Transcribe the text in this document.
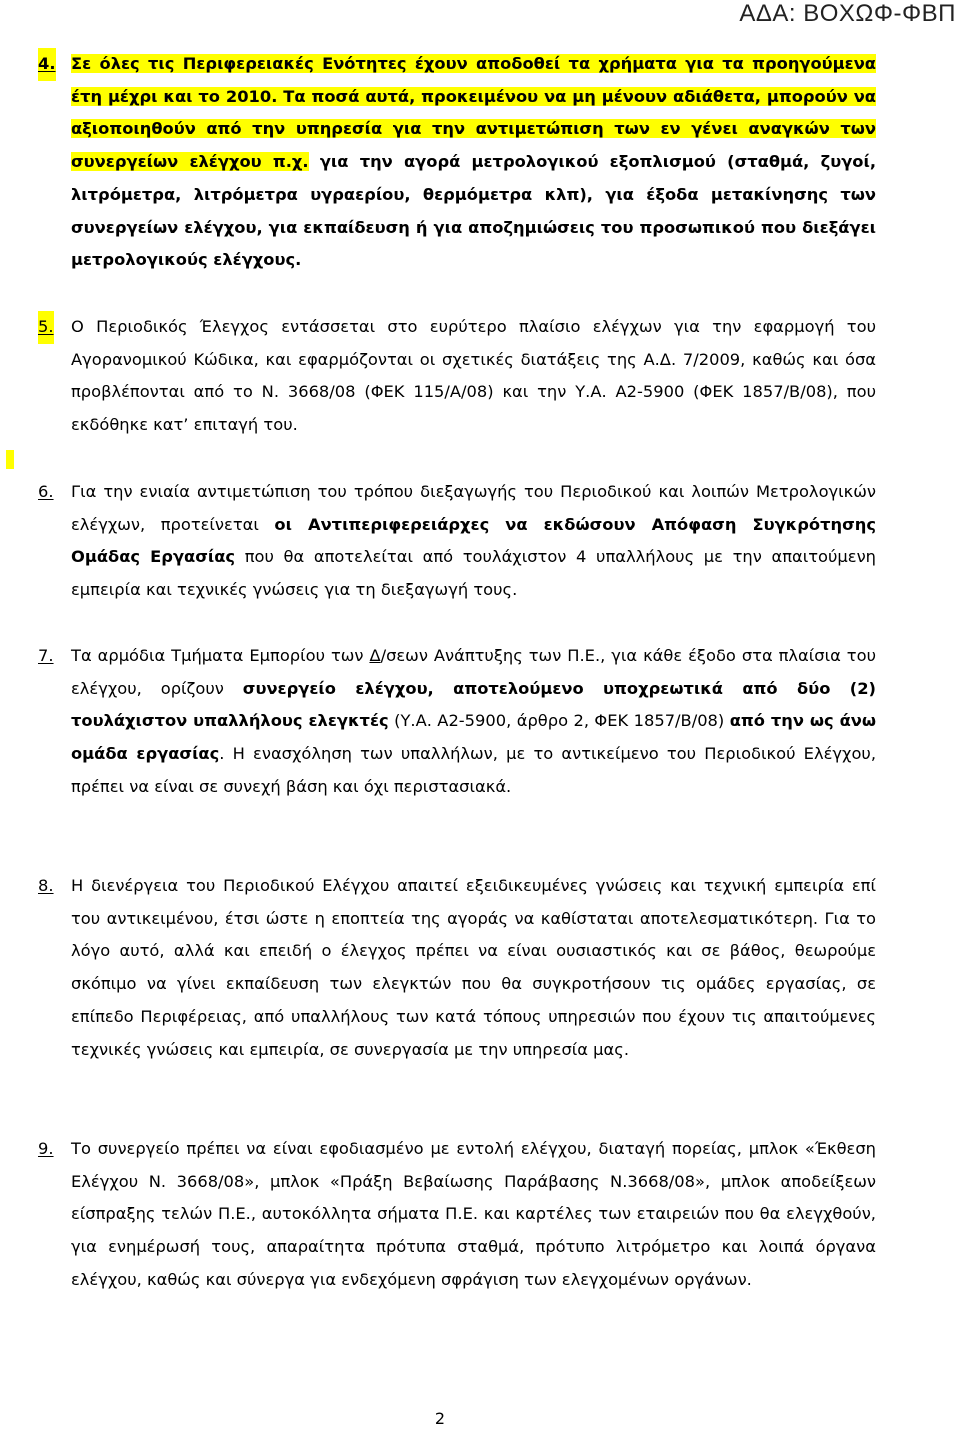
ΑΔΑ: ΒΟΧΩΦ-ΦΒΠ
4. Σε όλες τις Περιφερειακές Ενότητες έχουν αποδοθεί τα χρήματα για τα προηγούμενα έτη μέχρι και το 2010. Τα ποσά αυτά, προκειμένου να μη μένουν αδιάθετα, μπορούν να αξιοποιηθούν από την υπηρεσία για την αντιμετώπιση των εν γένει αναγκών των συνεργείων ελέγχου π.χ. για την αγορά μετρολογικού εξοπλισμού (σταθμά, ζυγοί, λιτρόμετρα, λιτρόμετρα υγραερίου, θερμόμετρα κλπ), για έξοδα μετακίνησης των συνεργείων ελέγχου, για εκπαίδευση ή για αποζημιώσεις του προσωπικού που διεξάγει μετρολογικούς ελέγχους.
5. Ο Περιοδικός Έλεγχος εντάσσεται στο ευρύτερο πλαίσιο ελέγχων για την εφαρμογή του Αγορανομικού Κώδικα, και εφαρμόζονται οι σχετικές διατάξεις της Α.Δ. 7/2009, καθώς και όσα προβλέπονται από το Ν. 3668/08 (ΦΕΚ 115/Α/08) και την Υ.Α. Α2-5900 (ΦΕΚ 1857/Β/08), που εκδόθηκε κατ’ επιταγή του.
6. Για την ενιαία αντιμετώπιση του τρόπου διεξαγωγής του Περιοδικού και λοιπών Μετρολογικών ελέγχων, προτείνεται οι Αντιπεριφερειάρχες να εκδώσουν Απόφαση Συγκρότησης Ομάδας Εργασίας που θα αποτελείται από τουλάχιστον 4 υπαλλήλους με την απαιτούμενη εμπειρία και τεχνικές γνώσεις για τη διεξαγωγή τους.
7. Τα αρμόδια Τμήματα Εμπορίου των Δ/σεων Ανάπτυξης των Π.Ε., για κάθε έξοδο στα πλαίσια του ελέγχου, ορίζουν συνεργείο ελέγχου, αποτελούμενο υποχρεωτικά από δύο (2) τουλάχιστον υπαλλήλους ελεγκτές (Υ.Α. Α2-5900, άρθρο 2, ΦΕΚ 1857/Β/08) από την ως άνω ομάδα εργασίας. Η ενασχόληση των υπαλλήλων, με το αντικείμενο του Περιοδικού Ελέγχου, πρέπει να είναι σε συνεχή βάση και όχι περιστασιακά.
8. Η διενέργεια του Περιοδικού Ελέγχου απαιτεί εξειδικευμένες γνώσεις και τεχνική εμπειρία επί του αντικειμένου, έτσι ώστε η εποπτεία της αγοράς να καθίσταται αποτελεσματικότερη. Για το λόγο αυτό, αλλά και επειδή ο έλεγχος πρέπει να είναι ουσιαστικός και σε βάθος, θεωρούμε σκόπιμο να γίνει εκπαίδευση των ελεγκτών που θα συγκροτήσουν τις ομάδες εργασίας, σε επίπεδο Περιφέρειας, από υπαλλήλους των κατά τόπους υπηρεσιών που έχουν τις απαιτούμενες τεχνικές γνώσεις και εμπειρία, σε συνεργασία με την υπηρεσία μας.
9. Το συνεργείο πρέπει να είναι εφοδιασμένο με εντολή ελέγχου, διαταγή πορείας, μπλοκ «Έκθεση Ελέγχου Ν. 3668/08», μπλοκ «Πράξη Βεβαίωσης Παράβασης Ν.3668/08», μπλοκ αποδείξεων είσπραξης τελών Π.Ε., αυτοκόλλητα σήματα Π.Ε. και καρτέλες των εταιρειών που θα ελεγχθούν, για ενημέρωσή τους, απαραίτητα πρότυπα σταθμά, πρότυπο λιτρόμετρο και λοιπά όργανα ελέγχου, καθώς και σύνεργα για ενδεχόμενη σφράγιση των ελεγχομένων οργάνων.
2
